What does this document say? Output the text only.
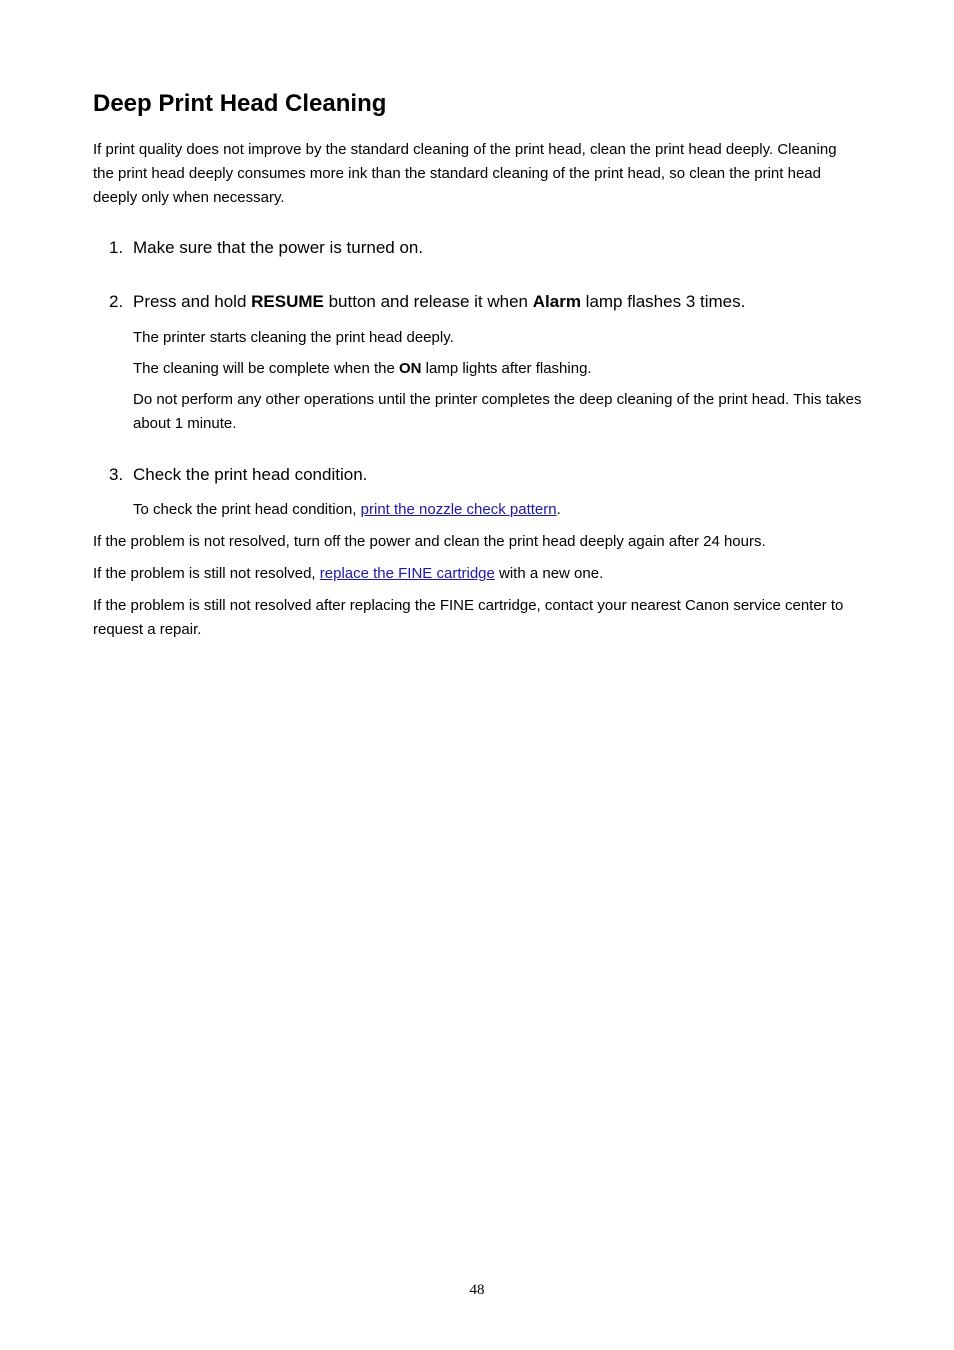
Deep Print Head Cleaning

If print quality does not improve by the standard cleaning of the print head, clean the print head deeply. Cleaning the print head deeply consumes more ink than the standard cleaning of the print head, so clean the print head deeply only when necessary.

1. Make sure that the power is turned on.
2. Press and hold RESUME button and release it when Alarm lamp flashes 3 times.

The printer starts cleaning the print head deeply.

The cleaning will be complete when the ON lamp lights after flashing.

Do not perform any other operations until the printer completes the deep cleaning of the print head. This takes about 1 minute.

3. Check the print head condition.

To check the print head condition, print the nozzle check pattern.

If the problem is not resolved, turn off the power and clean the print head deeply again after 24 hours.

If the problem is still not resolved, replace the FINE cartridge with a new one.

If the problem is still not resolved after replacing the FINE cartridge, contact your nearest Canon service center to request a repair.

48
